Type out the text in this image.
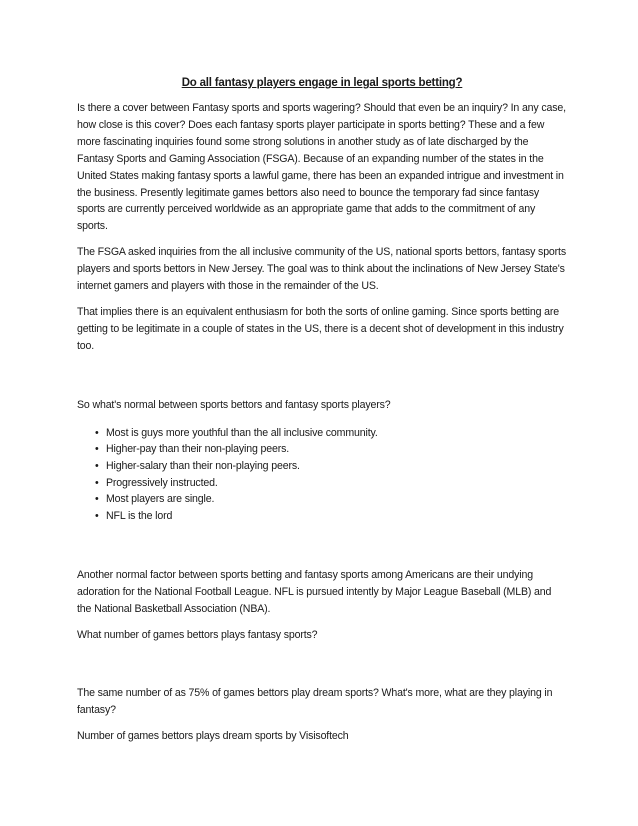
Do all fantasy players engage in legal sports betting?

Is there a cover between Fantasy sports and sports wagering? Should that even be an inquiry? In any case, how close is this cover? Does each fantasy sports player participate in sports betting? These and a few more fascinating inquiries found some strong solutions in another study as of late discharged by the Fantasy Sports and Gaming Association (FSGA). Because of an expanding number of the states in the United States making fantasy sports a lawful game, there has been an expanded intrigue and investment in the business. Presently legitimate games bettors also need to bounce the temporary fad since fantasy sports are currently perceived worldwide as an appropriate game that adds to the commitment of any sports.

The FSGA asked inquiries from the all inclusive community of the US, national sports bettors, fantasy sports players and sports bettors in New Jersey. The goal was to think about the inclinations of New Jersey State's internet gamers and players with those in the remainder of the US.

That implies there is an equivalent enthusiasm for both the sorts of online gaming. Since sports betting are getting to be legitimate in a couple of states in the US, there is a decent shot of development in this industry too.

So what's normal between sports bettors and fantasy sports players?

• Most is guys more youthful than the all inclusive community.
• Higher-pay than their non-playing peers.
• Higher-salary than their non-playing peers.
• Progressively instructed.
• Most players are single.
• NFL is the lord

Another normal factor between sports betting and fantasy sports among Americans are their undying adoration for the National Football League. NFL is pursued intently by Major League Baseball (MLB) and the National Basketball Association (NBA).

What number of games bettors plays fantasy sports?

The same number of as 75% of games bettors play dream sports? What's more, what are they playing in fantasy?

Number of games bettors plays dream sports by Visisoftech
